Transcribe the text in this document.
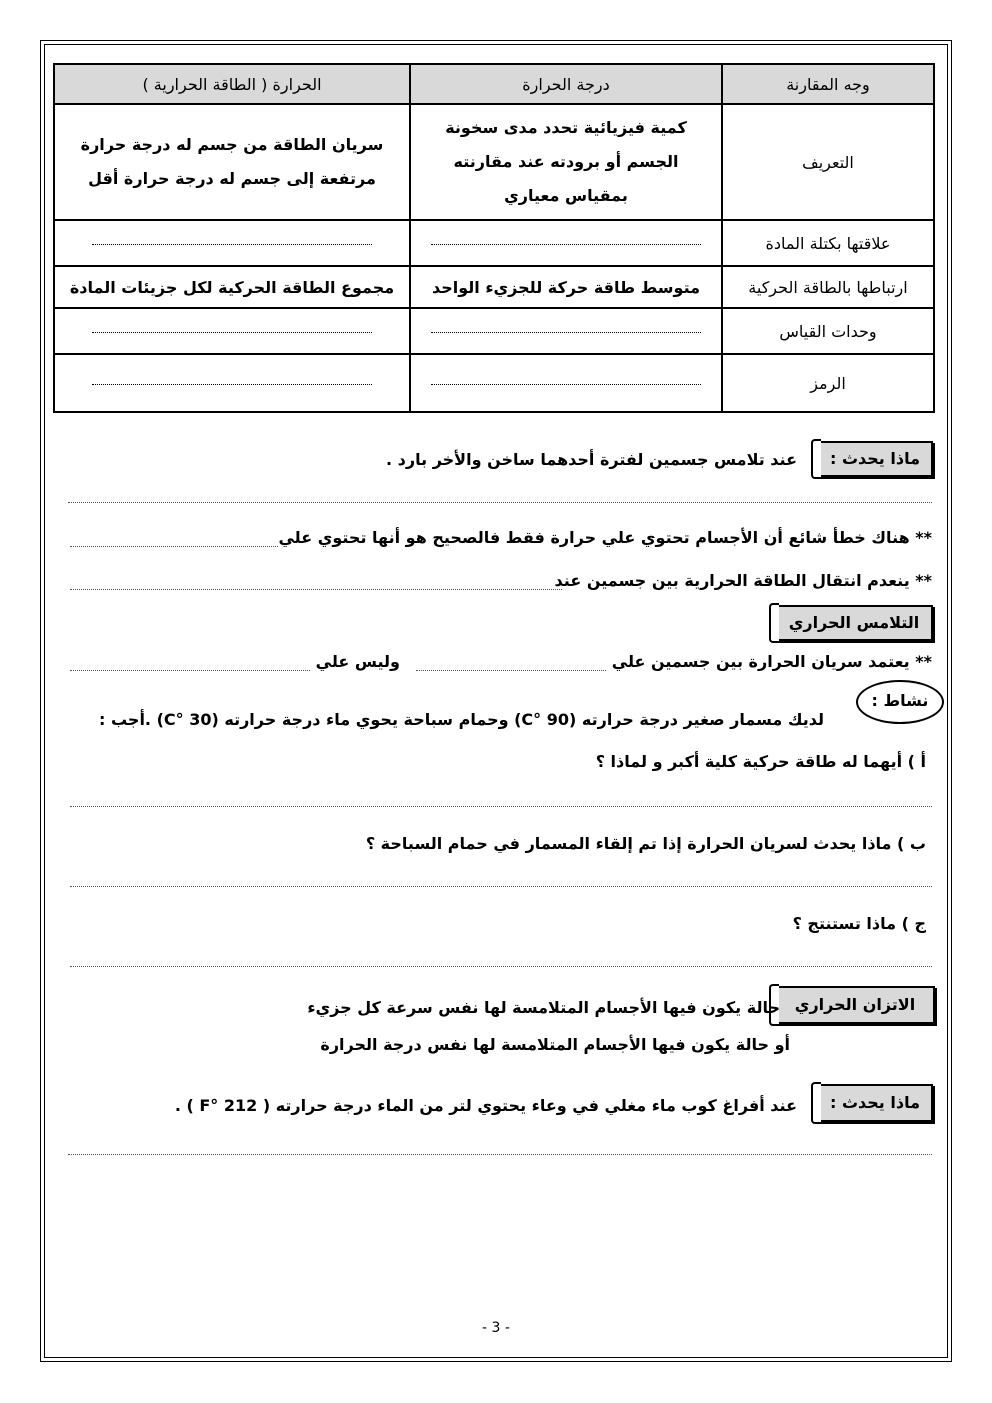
وجه المقارنة	درجة الحرارة	الحرارة ( الطاقة الحرارية )
التعريف	كمية فيزيائية تحدد مدى سخونة الجسم أو برودته عند مقارنته بمقياس معياري	سريان الطاقة من جسم له درجة حرارة مرتفعة إلى جسم له درجة حرارة أقل
علاقتها بكتلة المادة		
ارتباطها بالطاقة الحركية	متوسط طاقة حركة للجزيء الواحد	مجموع الطاقة الحركية لكل جزيئات المادة
وحدات القياس		
الرمز		
ماذا يحدث :
عند تلامس جسمين لفترة أحدهما ساخن والأخر بارد .
** هناك خطأ شائع أن الأجسام تحتوي علي حرارة فقط فالصحيح هو أنها تحتوي علي
** ينعدم انتقال الطاقة الحرارية بين جسمين عند
التلامس الحراري
** يعتمد سريان الحرارة بين جسمين علي
وليس علي
نشاط :
لديك مسمار صغير درجة حرارته (90 °C) وحمام سباحة يحوي ماء درجة حرارته (30 °C) .أجب :
أ ) أيهما له طاقة حركية كلية أكبر و لماذا ؟
ب ) ماذا يحدث لسريان الحرارة إذا تم إلقاء المسمار في حمام السباحة ؟
ج ) ماذا تستنتج ؟
الاتزان الحراري
حالة يكون فيها الأجسام المتلامسة لها نفس سرعة كل جزيء
أو حالة يكون فيها الأجسام المتلامسة لها نفس درجة الحرارة
ماذا يحدث :
عند أفراغ كوب ماء مغلي في وعاء يحتوي لتر من الماء درجة حرارته ( 212 °F ) .
- 3 -
